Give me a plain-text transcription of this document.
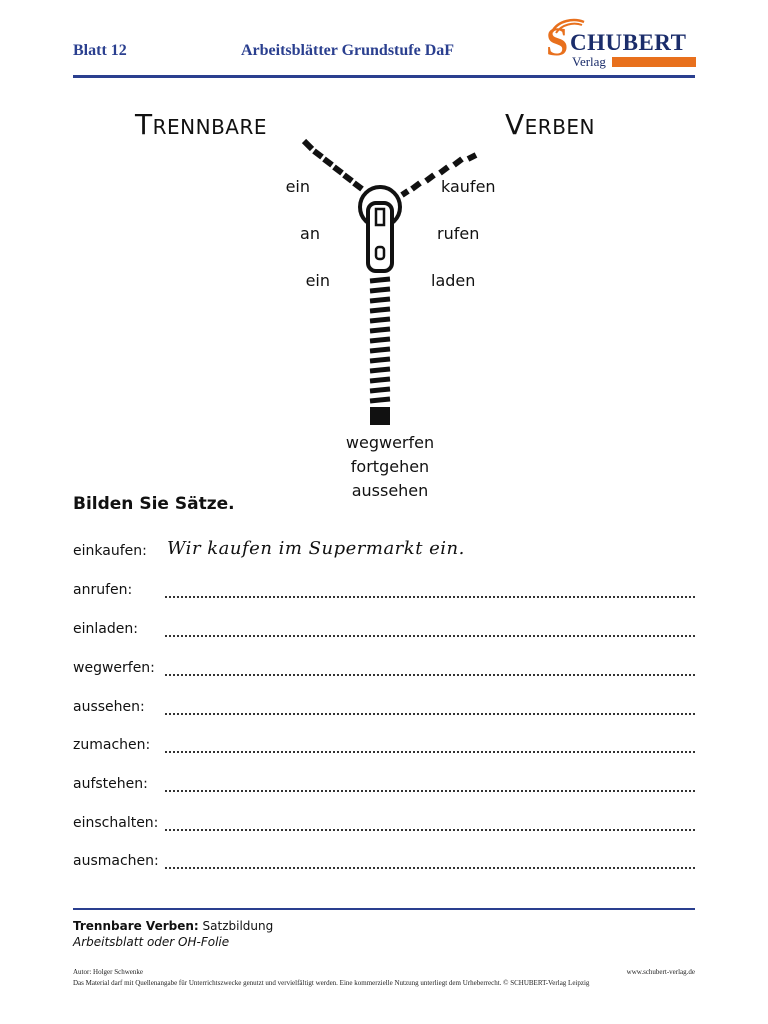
Blatt 12	Arbeitsblätter Grundstufe DaF S CHUBERT
Verlag
TRENNBARE	VERBEN
ein
an
ein
kaufen
rufen
laden
wegwerfen
fortgehen
aussehen
Bilden Sie Sätze.
einkaufen: Wir kaufen im Supermarkt ein.
anrufen:
einladen:
wegwerfen:
aussehen:
zumachen:
aufstehen:
einschalten:
ausmachen:
Trennbare Verben: Satzbildung
Arbeitsblatt oder OH-Folie
Autor: Holger Schwenke	www.schubert-verlag.de
Das Material darf mit Quellenangabe für Unterrichtszwecke genutzt und vervielfältigt werden. Eine kommerzielle Nutzung unterliegt dem Urheberrecht. © SCHUBERT-Verlag Leipzig
